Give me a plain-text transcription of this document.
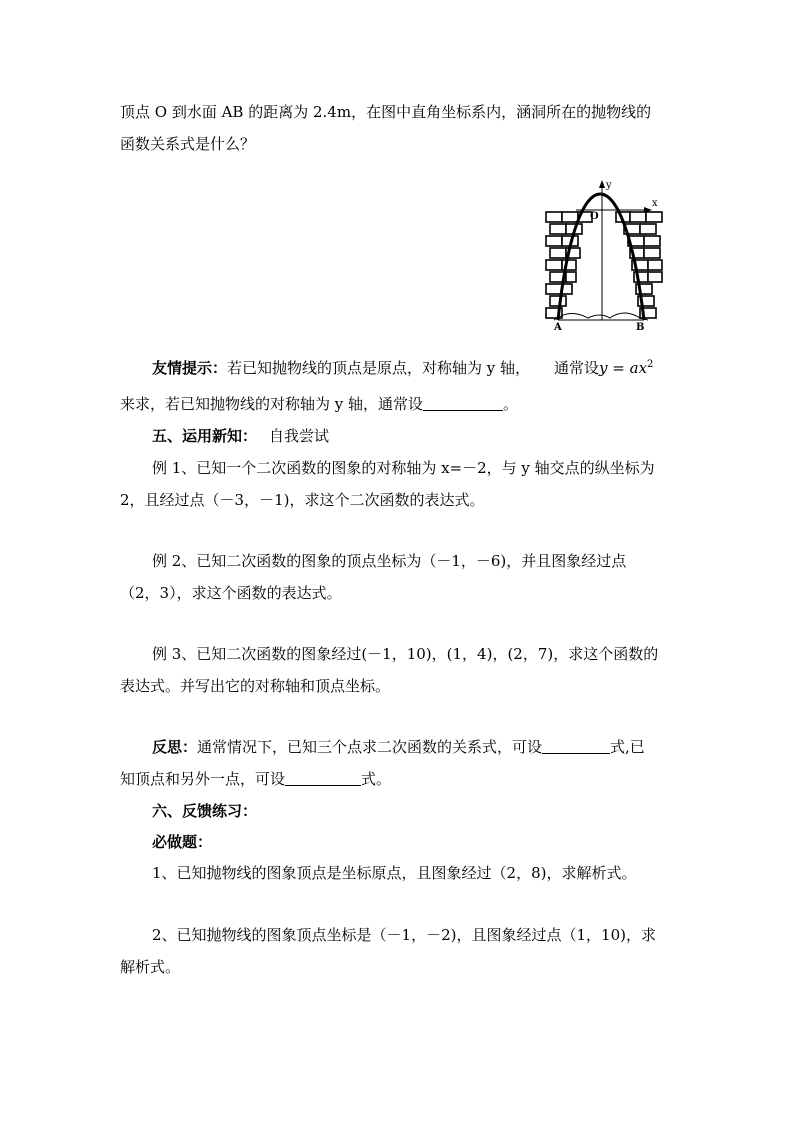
顶点 O 到水面 AB 的距离为 2.4m，在图中直角坐标系内，涵洞所在的抛物线的
函数关系式是什么？
y
x
O
A	B
友情提示：若已知抛物线的顶点是原点，对称轴为 y 轴， 通常设$y = ax^2$
来求，若已知抛物线的对称轴为 y 轴，通常设	。
五、运用新知： 自我尝试
例 1、已知一个二次函数的图象的对称轴为 x=－2，与 y 轴交点的纵坐标为
2，且经过点（－3，－1)，求这个二次函数的表达式。
例 2、已知二次函数的图象的顶点坐标为（－1，－6)，并且图象经过点
（2，3），求这个函数的表达式。
例 3、已知二次函数的图象经过(－1，10)，(1，4)，(2，7)，求这个函数的
表达式。并写出它的对称轴和顶点坐标。
反思：通常情况下，已知三个点求二次函数的关系式，可设	式,已
知顶点和另外一点，可设	式。
六、反馈练习：
必做题：
1、已知抛物线的图象顶点是坐标原点，且图象经过（2，8)，求解析式。
2、已知抛物线的图象顶点坐标是（－1，－2)，且图象经过点（1，10)，求
解析式。
